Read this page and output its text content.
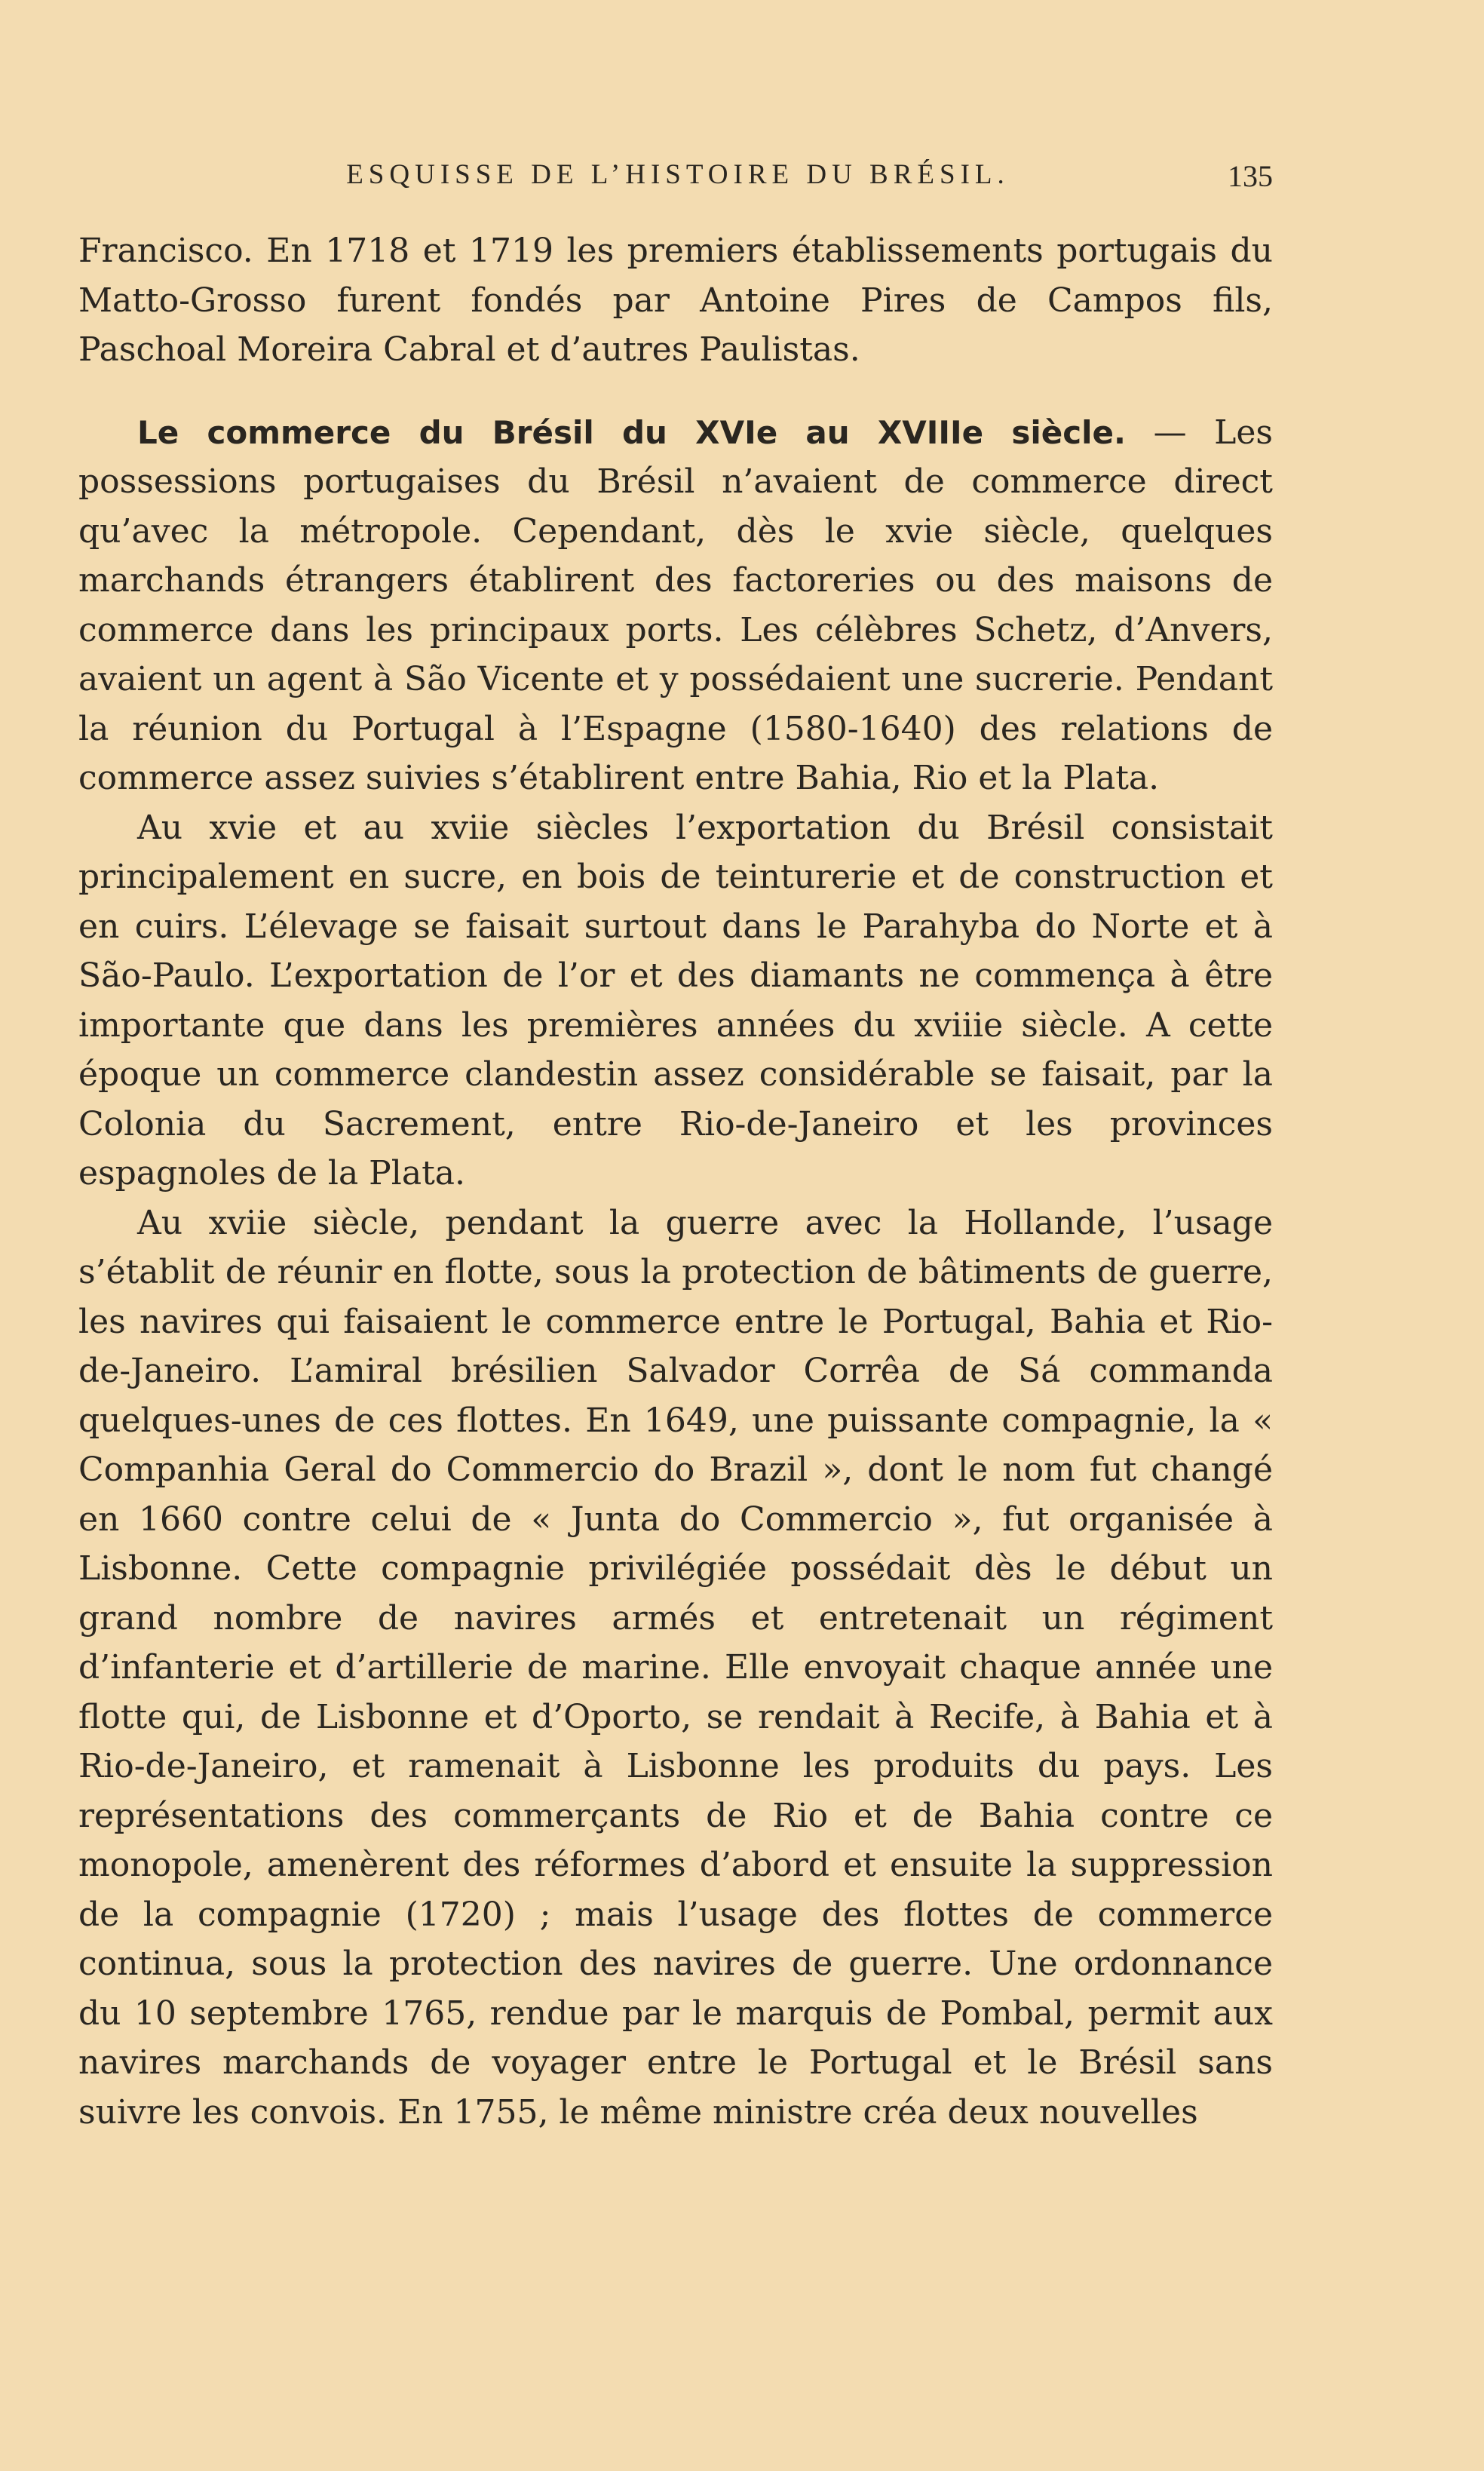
ESQUISSE DE L’HISTOIRE DU BRÉSIL.	135

Francisco. En 1718 et 1719 les premiers établissements portugais du Matto-Grosso furent fondés par Antoine Pires de Campos fils, Paschoal Moreira Cabral et d’autres Paulistas.

Le commerce du Brésil du XVIe au XVIIIe siècle. — Les possessions portugaises du Brésil n’avaient de commerce direct qu’avec la métropole. Cependant, dès le xvie siècle, quelques marchands étrangers établirent des factoreries ou des maisons de commerce dans les principaux ports. Les célèbres Schetz, d’Anvers, avaient un agent à São Vicente et y possédaient une sucrerie. Pendant la réunion du Portugal à l’Espagne (1580-1640) des relations de commerce assez suivies s’établirent entre Bahia, Rio et la Plata.

Au xvie et au xviie siècles l’exportation du Brésil consistait principalement en sucre, en bois de teinturerie et de construction et en cuirs. L’élevage se faisait surtout dans le Parahyba do Norte et à São-Paulo. L’exportation de l’or et des diamants ne commença à être importante que dans les premières années du xviiie siècle. A cette époque un commerce clandestin assez considérable se faisait, par la Colonia du Sacrement, entre Rio-de-Janeiro et les provinces espagnoles de la Plata.

Au xviie siècle, pendant la guerre avec la Hollande, l’usage s’établit de réunir en flotte, sous la protection de bâtiments de guerre, les navires qui faisaient le commerce entre le Portugal, Bahia et Rio-de-Janeiro. L’amiral brésilien Salvador Corrêa de Sá commanda quelques-unes de ces flottes. En 1649, une puissante compagnie, la « Companhia Geral do Commercio do Brazil », dont le nom fut changé en 1660 contre celui de « Junta do Commercio », fut organisée à Lisbonne. Cette compagnie privilégiée possédait dès le début un grand nombre de navires armés et entretenait un régiment d’infanterie et d’artillerie de marine. Elle envoyait chaque année une flotte qui, de Lisbonne et d’Oporto, se rendait à Recife, à Bahia et à Rio-de-Janeiro, et ramenait à Lisbonne les produits du pays. Les représentations des commerçants de Rio et de Bahia contre ce monopole, amenèrent des réformes d’abord et ensuite la suppression de la compagnie (1720) ; mais l’usage des flottes de commerce continua, sous la protection des navires de guerre. Une ordonnance du 10 septembre 1765, rendue par le marquis de Pombal, permit aux navires marchands de voyager entre le Portugal et le Brésil sans suivre les convois. En 1755, le même ministre créa deux nouvelles
